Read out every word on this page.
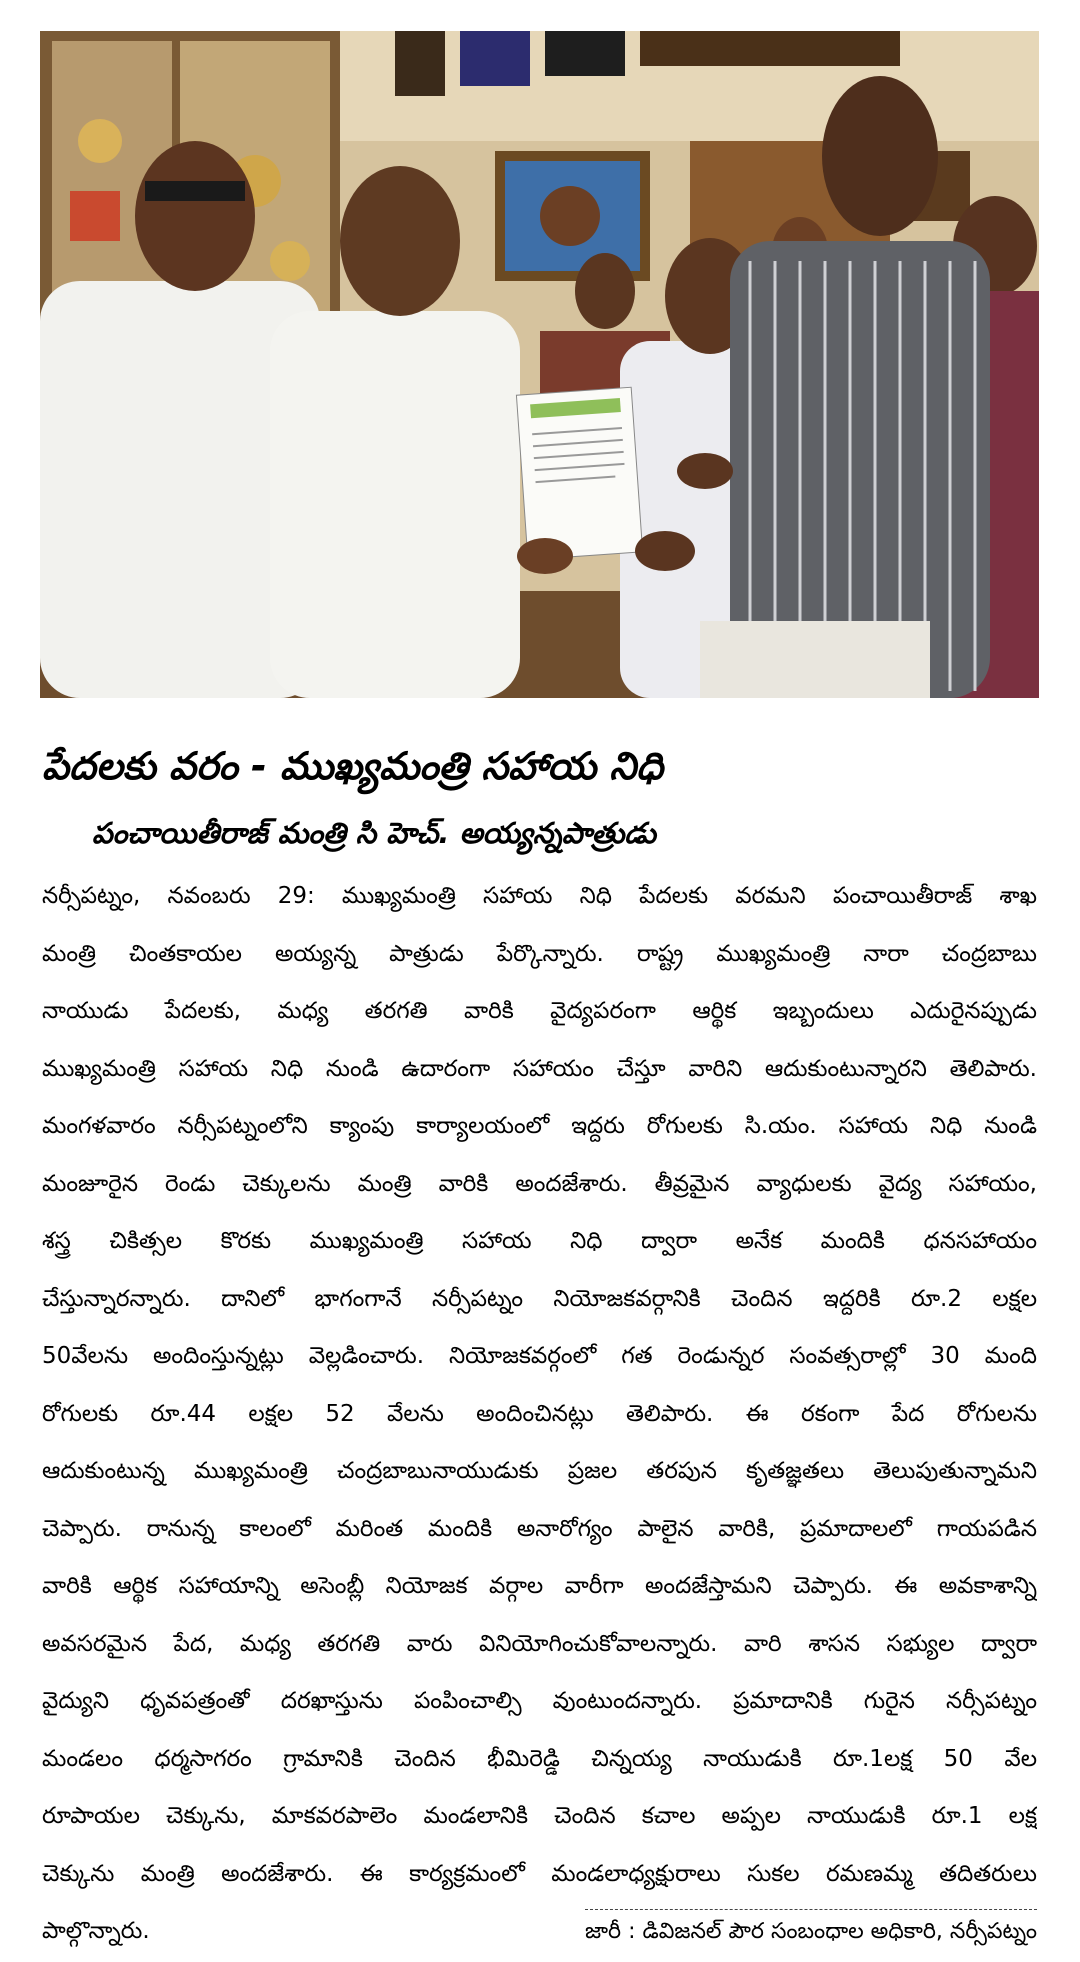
పేదలకు వరం - ముఖ్యమంత్రి సహాయ నిధి
పంచాయితీరాజ్ మంత్రి సి హెచ్. అయ్యన్నపాత్రుడు
నర్సీపట్నం, నవంబరు 29: ముఖ్యమంత్రి సహాయ నిధి పేదలకు వరమని పంచాయితీరాజ్ శాఖ
మంత్రి చింతకాయల అయ్యన్న పాత్రుడు పేర్కొన్నారు. రాష్ట్ర ముఖ్యమంత్రి నారా చంద్రబాబు
నాయుడు పేదలకు, మధ్య తరగతి వారికి వైద్యపరంగా ఆర్థిక ఇబ్బందులు ఎదురైనప్పుడు
ముఖ్యమంత్రి సహాయ నిధి నుండి ఉదారంగా సహాయం చేస్తూ వారిని ఆదుకుంటున్నారని తెలిపారు.
మంగళవారం నర్సీపట్నంలోని క్యాంపు కార్యాలయంలో ఇద్దరు రోగులకు సి.యం. సహాయ నిధి నుండి
మంజూరైన రెండు చెక్కులను మంత్రి వారికి అందజేశారు. తీవ్రమైన వ్యాధులకు వైద్య సహాయం,
శస్త్ర చికిత్సల కొరకు ముఖ్యమంత్రి సహాయ నిధి ద్వారా అనేక మందికి ధనసహాయం
చేస్తున్నారన్నారు. దానిలో భాగంగానే నర్సీపట్నం నియోజకవర్గానికి చెందిన ఇద్దరికి రూ.2 లక్షల
50వేలను అందింస్తున్నట్లు వెల్లడించారు. నియోజకవర్గంలో గత రెండున్నర సంవత్సరాల్లో 30 మంది
రోగులకు రూ.44 లక్షల 52 వేలను అందించినట్లు తెలిపారు. ఈ రకంగా పేద రోగులను
ఆదుకుంటున్న ముఖ్యమంత్రి చంద్రబాబునాయుడుకు ప్రజల తరపున కృతజ్ఞతలు తెలుపుతున్నామని
చెప్పారు. రానున్న కాలంలో మరింత మందికి అనారోగ్యం పాలైన వారికి, ప్రమాదాలలో గాయపడిన
వారికి ఆర్థిక సహాయాన్ని అసెంబ్లీ నియోజక వర్గాల వారీగా అందజేస్తామని చెప్పారు. ఈ అవకాశాన్ని
అవసరమైన పేద, మధ్య తరగతి వారు వినియోగించుకోవాలన్నారు. వారి శాసన సభ్యుల ద్వారా
వైద్యుని ధృవపత్రంతో దరఖాస్తును పంపించాల్సి వుంటుందన్నారు. ప్రమాదానికి గురైన నర్సీపట్నం
మండలం ధర్మసాగరం గ్రామానికి చెందిన భీమిరెడ్డి చిన్నయ్య నాయుడుకి రూ.1లక్ష 50 వేల
రూపాయల చెక్కును, మాకవరపాలెం మండలానికి చెందిన కచాల అప్పల నాయుడుకి రూ.1 లక్ష
చెక్కును మంత్రి అందజేశారు. ఈ కార్యక్రమంలో మండలాధ్యక్షురాలు సుకల రమణమ్మ తదితరులు
పాల్గొన్నారు.	జారీ : డివిజనల్ పౌర సంబంధాల అధికారి, నర్సీపట్నం
